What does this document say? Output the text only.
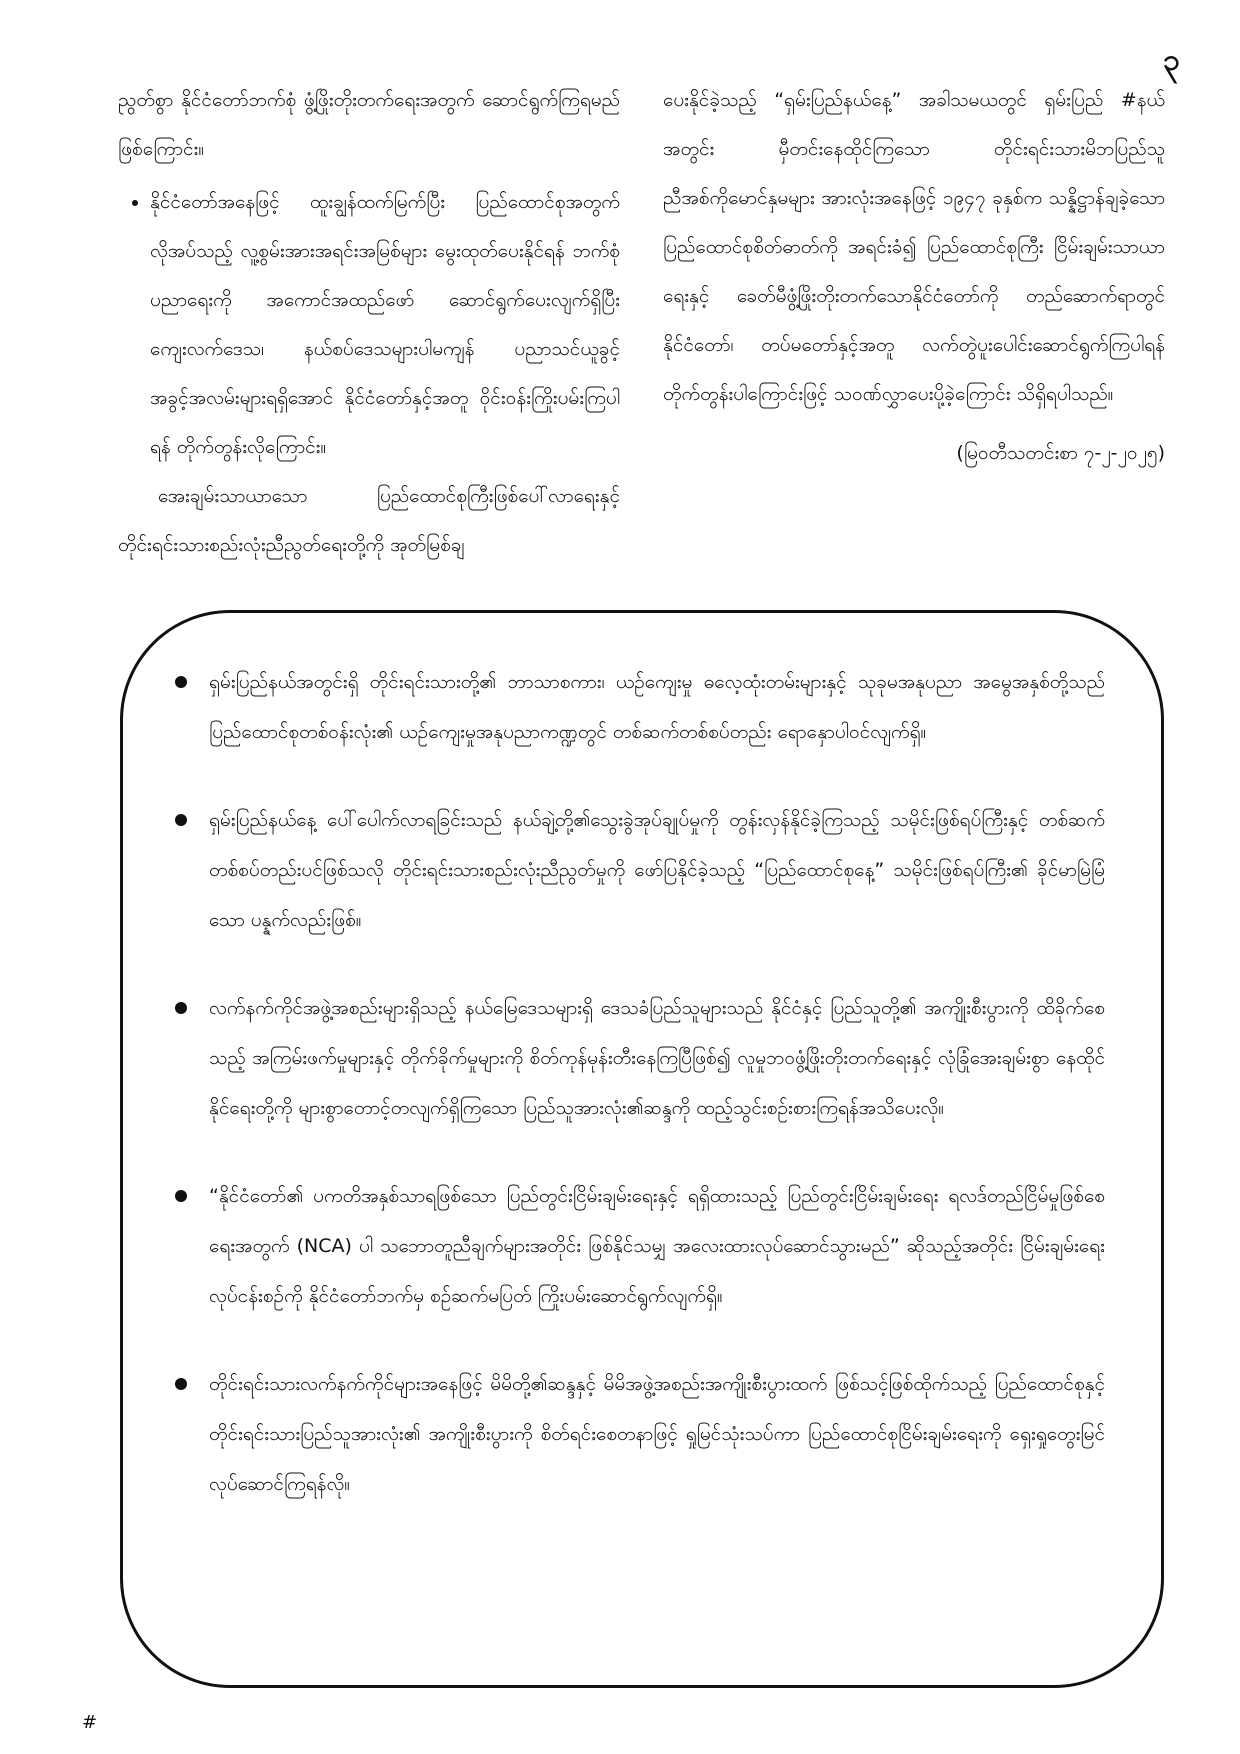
၃

ညွတ်စွာ နိုင်ငံတော်ဘက်စုံ ဖွံ့ဖြိုးတိုးတက်ရေးအတွက် ဆောင်ရွက်ကြရမည်ဖြစ်ကြောင်း။

• နိုင်ငံတော်အနေဖြင့် ထူးချွန်ထက်မြက်ပြီး ပြည်ထောင်စုအတွက် လိုအပ်သည့် လူ့စွမ်းအားအရင်းအမြစ်များ မွေးထုတ်ပေးနိုင်ရန် ဘက်စုံပညာရေးကို အကောင်အထည်ဖော် ဆောင်ရွက်ပေးလျက်ရှိပြီး ကျေးလက်ဒေသ၊ နယ်စပ်ဒေသများပါမကျန် ပညာသင်ယူခွင့် အခွင့်အလမ်းများရရှိအောင် နိုင်ငံတော်နှင့်အတူ ဝိုင်းဝန်းကြိုးပမ်းကြပါရန် တိုက်တွန်းလိုကြောင်း။

အေးချမ်းသာယာသော ပြည်ထောင်စုကြီးဖြစ်ပေါ်လာရေးနှင့် တိုင်းရင်းသားစည်းလုံးညီညွတ်ရေးတို့ကို အုတ်မြစ်ချ

ပေးနိုင်ခဲ့သည့် “ရှမ်းပြည်နယ်နေ့” အခါသမယတွင် ရှမ်းပြည် #နယ်အတွင်း မှီတင်းနေထိုင်ကြသော တိုင်းရင်းသားမိဘပြည်သူ ညီအစ်ကိုမောင်နှမများ အားလုံးအနေဖြင့် ၁၉၄၇ ခုနှစ်က သန္နိဋ္ဌာန်ချခဲ့သော ပြည်ထောင်စုစိတ်ဓာတ်ကို အရင်းခံ၍ ပြည်ထောင်စုကြီး ငြိမ်းချမ်းသာယာရေးနှင့် ခေတ်မီဖွံ့ဖြိုးတိုးတက်သောနိုင်ငံတော်ကို တည်ဆောက်ရာတွင် နိုင်ငံတော်၊ တပ်မတော်နှင့်အတူ လက်တွဲပူးပေါင်းဆောင်ရွက်ကြပါရန် တိုက်တွန်းပါကြောင်းဖြင့် သဝဏ်လွှာပေးပို့ခဲ့ကြောင်း သိရှိရပါသည်။

(မြဝတီသတင်းစာ ၇-၂-၂၀၂၅)

ရှမ်းပြည်နယ်အတွင်းရှိ တိုင်းရင်းသားတို့၏ ဘာသာစကား၊ ယဉ်ကျေးမှု ဓလေ့ထုံးတမ်းများနှင့် သုခုမအနုပညာ အမွေအနှစ်တို့သည် ပြည်ထောင်စုတစ်ဝန်းလုံး၏ ယဉ်ကျေးမှုအနုပညာကဏ္ဍတွင် တစ်ဆက်တစ်စပ်တည်း ရောနှောပါဝင်လျက်ရှိ။
ရှမ်းပြည်နယ်နေ့ ပေါ်ပေါက်လာရခြင်းသည် နယ်ချဲ့တို့၏သွေးခွဲအုပ်ချုပ်မှုကို တွန်းလှန်နိုင်ခဲ့ကြသည့် သမိုင်းဖြစ်ရပ်ကြီးနှင့် တစ်ဆက်တစ်စပ်တည်းပင်ဖြစ်သလို တိုင်းရင်းသားစည်းလုံးညီညွတ်မှုကို ဖော်ပြနိုင်ခဲ့သည့် “ပြည်ထောင်စုနေ့” သမိုင်းဖြစ်ရပ်ကြီး၏ ခိုင်မာမြဲမြံသော ပန္နက်လည်းဖြစ်။
လက်နက်ကိုင်အဖွဲ့အစည်းများရှိသည့် နယ်မြေဒေသများရှိ ဒေသခံပြည်သူများသည် နိုင်ငံနှင့် ပြည်သူတို့၏ အကျိုးစီးပွားကို ထိခိုက်စေသည့် အကြမ်းဖက်မှုများနှင့် တိုက်ခိုက်မှုများကို စိတ်ကုန်မုန်းတီးနေကြပြီဖြစ်၍ လူမှုဘဝဖွံ့ဖြိုးတိုးတက်ရေးနှင့် လုံခြုံအေးချမ်းစွာ နေထိုင်နိုင်ရေးတို့ကို များစွာတောင့်တလျက်ရှိကြသော ပြည်သူအားလုံး၏ဆန္ဒကို ထည့်သွင်းစဉ်းစားကြရန်အသိပေးလို။
“နိုင်ငံတော်၏ ပကတိအနှစ်သာရဖြစ်သော ပြည်တွင်းငြိမ်းချမ်းရေးနှင့် ရရှိထားသည့် ပြည်တွင်းငြိမ်းချမ်းရေး ရလဒ်တည်ငြိမ်မှုဖြစ်စေရေးအတွက် (NCA) ပါ သဘောတူညီချက်များအတိုင်း ဖြစ်နိုင်သမျှ အလေးထားလုပ်ဆောင်သွားမည်” ဆိုသည့်အတိုင်း ငြိမ်းချမ်းရေးလုပ်ငန်းစဉ်ကို နိုင်ငံတော်ဘက်မှ စဉ်ဆက်မပြတ် ကြိုးပမ်းဆောင်ရွက်လျက်ရှိ။
တိုင်းရင်းသားလက်နက်ကိုင်များအနေဖြင့် မိမိတို့၏ဆန္ဒနှင့် မိမိအဖွဲ့အစည်းအကျိုးစီးပွားထက် ဖြစ်သင့်ဖြစ်ထိုက်သည့် ပြည်ထောင်စုနှင့် တိုင်းရင်းသားပြည်သူအားလုံး၏ အကျိုးစီးပွားကို စိတ်ရင်းစေတနာဖြင့် ရှုမြင်သုံးသပ်ကာ ပြည်ထောင်စုငြိမ်းချမ်းရေးကို ရှေးရှုတွေးမြင်လုပ်ဆောင်ကြရန်လို။
#
